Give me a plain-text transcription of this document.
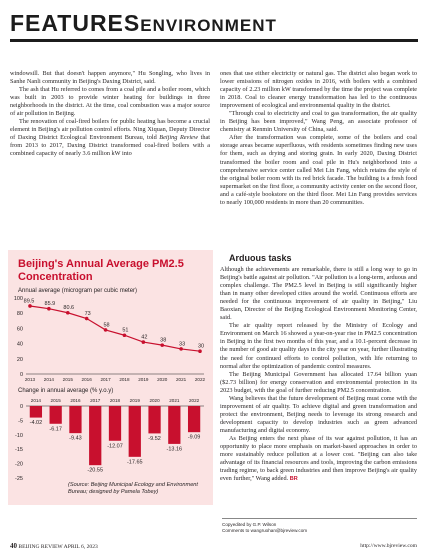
FEATURESENVIRONMENT

windowsill. But that doesn't happen anymore," Hu Songling, who lives in Sanhe Nanli community in Beijing's Daxing District, said.

The ash that Hu referred to comes from a coal pile and a boiler room, which was built in 2003 to provide winter heating for buildings in three neighborhoods in the district. At the time, coal combustion was a major source of air pollution in Beijing.

The renovation of coal-fired boilers for public heating has become a crucial element in Beijing's air pollution control efforts. Ning Xiquan, Deputy Director of Daxing District Ecological Environment Bureau, told Beijing Review that from 2013 to 2017, Daxing District transformed coal-fired boilers with a combined capacity of nearly 3.6 million kW into

ones that use either electricity or natural gas. The district also began work to lower emissions of nitrogen oxides in 2016, with boilers with a combined capacity of 2.23 million kW transformed by the time the project was complete in 2018. Coal to cleaner energy transformation has led to the continuous improvement of ecological and environmental quality in the district.

"Through coal to electricity and coal to gas transformation, the air quality in Beijing has been improved," Wang Peng, an associate professor of chemistry at Renmin University of China, said.

After the transformation was complete, some of the boilers and coal storage areas became superfluous, with residents sometimes finding new uses for them, such as drying and storing grain. In early 2020, Daxing District transformed the boiler room and coal pile in Hu's neighborhood into a comprehensive service center called Mei Lin Fang, which retains the style of the original boiler room with its red brick facade. The building is a fresh food supermarket on the first floor, a community activity center on the second floor, and a café-style bookstore on the third floor. Mei Lin Fang provides services to nearly 100,000 residents in more than 20 communities.

Arduous tasks

Although the achievements are remarkable, there is still a long way to go in Beijing's battle against air pollution. "Air pollution is a long-term, arduous and complex challenge. The PM2.5 level in Beijing is still significantly higher than in many other developed cities around the world. Continuous efforts are needed for the continuous improvement of air quality in Beijing," Liu Baoxian, Director of the Beijing Ecological Environment Monitoring Center, said.

The air quality report released by the Ministry of Ecology and Environment on March 16 showed a year-on-year rise in PM2.5 concentration in Beijing in the first two months of this year, and a 10.1-percent decrease in the number of good air quality days in the city year on year, further illustrating the need for continued efforts to control pollution, with life returning to normal after the optimization of pandemic control measures.

The Beijing Municipal Government has allocated 17.64 billion yuan ($2.73 billion) for energy conservation and environmental protection in its 2023 budget, with the goal of further reducing PM2.5 concentration.

Wang believes that the future development of Beijing must come with the improvement of air quality. To achieve digital and green transformation and protect the environment, Beijing needs to leverage its strong research and development capacity to develop industries such as green advanced manufacturing and digital economy.

As Beijing enters the next phase of its war against pollution, it has an opportunity to place more emphasis on market-based approaches in order to more sustainably reduce pollution at a lower cost. "Beijing can also take advantage of its financial resources and tools, improving the carbon emissions trading regime, to back green industries and then improve Beijing's air quality even further," Wang added. BR

Beijing's Annual Average PM2.5 Concentration
Annual average (microgram per cubic meter)
0
20
40
60
80
100
2013 2014 2015 2016 2017 2018 2019 2020 2021 2022
89.5 85.9
80.6
73
58
51
42
38
33 30
Change in annual average (% y.o.y)
0
-5
-10
-15
-20
-25
2014
-4.02
2015
-6.17
2016
-9.43
2017
-20.55
2018
-12.07
2019
-17.65
2020
-9.52
2021
-13.16
2022
-9.09
(Source: Beijing Municipal Ecology and Environment Bureau; designed by Pamela Tobey)
Copyedited by G.P. Wilson
Comments to wangruohan@bjreview.com
40 BEIJING REVIEW APRIL 6, 2023	http://www.bjreview.com
